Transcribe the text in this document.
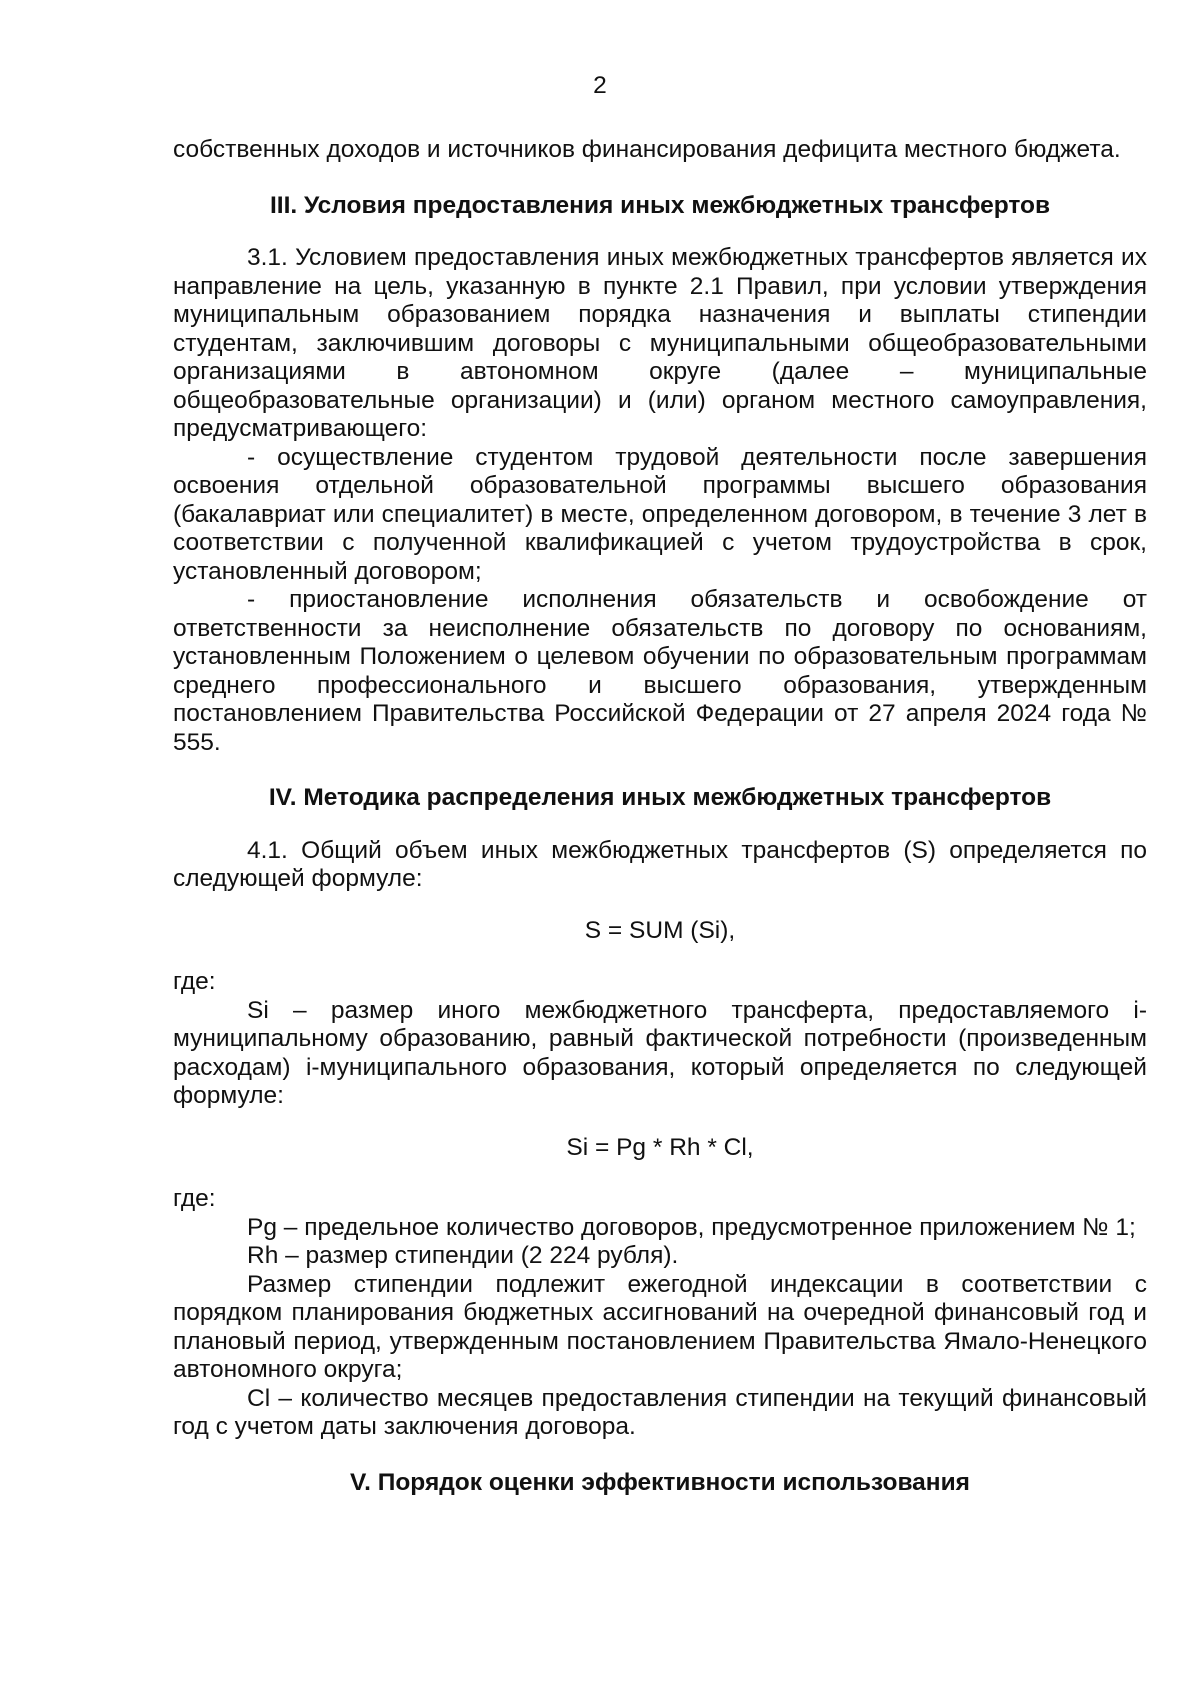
2

собственных доходов и источников финансирования дефицита местного бюджета.

III. Условия предоставления иных межбюджетных трансфертов

3.1. Условием предоставления иных межбюджетных трансфертов является их направление на цель, указанную в пункте 2.1 Правил, при условии утверждения муниципальным образованием порядка назначения и выплаты стипендии студентам, заключившим договоры с муниципальными общеобразовательными организациями в автономном округе (далее – муниципальные общеобразовательные организации) и (или) органом местного самоуправления, предусматривающего:

- осуществление студентом трудовой деятельности после завершения освоения отдельной образовательной программы высшего образования (бакалавриат или специалитет) в месте, определенном договором, в течение 3 лет в соответствии с полученной квалификацией с учетом трудоустройства в срок, установленный договором;

- приостановление исполнения обязательств и освобождение от ответственности за неисполнение обязательств по договору по основаниям, установленным Положением о целевом обучении по образовательным программам среднего профессионального и высшего образования, утвержденным постановлением Правительства Российской Федерации от 27 апреля 2024 года № 555.

IV. Методика распределения иных межбюджетных трансфертов

4.1. Общий объем иных межбюджетных трансфертов (S) определяется по следующей формуле:

S = SUM (Si),

где:

Si – размер иного межбюджетного трансферта, предоставляемого i-муниципальному образованию, равный фактической потребности (произведенным расходам) i-муниципального образования, который определяется по следующей формуле:

Si = Pg * Rh * Cl,

где:

Pg – предельное количество договоров, предусмотренное приложением № 1;

Rh – размер стипендии (2 224 рубля).

Размер стипендии подлежит ежегодной индексации в соответствии с порядком планирования бюджетных ассигнований на очередной финансовый год и плановый период, утвержденным постановлением Правительства Ямало-Ненецкого автономного округа;

Cl – количество месяцев предоставления стипендии на текущий финансовый год с учетом даты заключения договора.

V. Порядок оценки эффективности использования
